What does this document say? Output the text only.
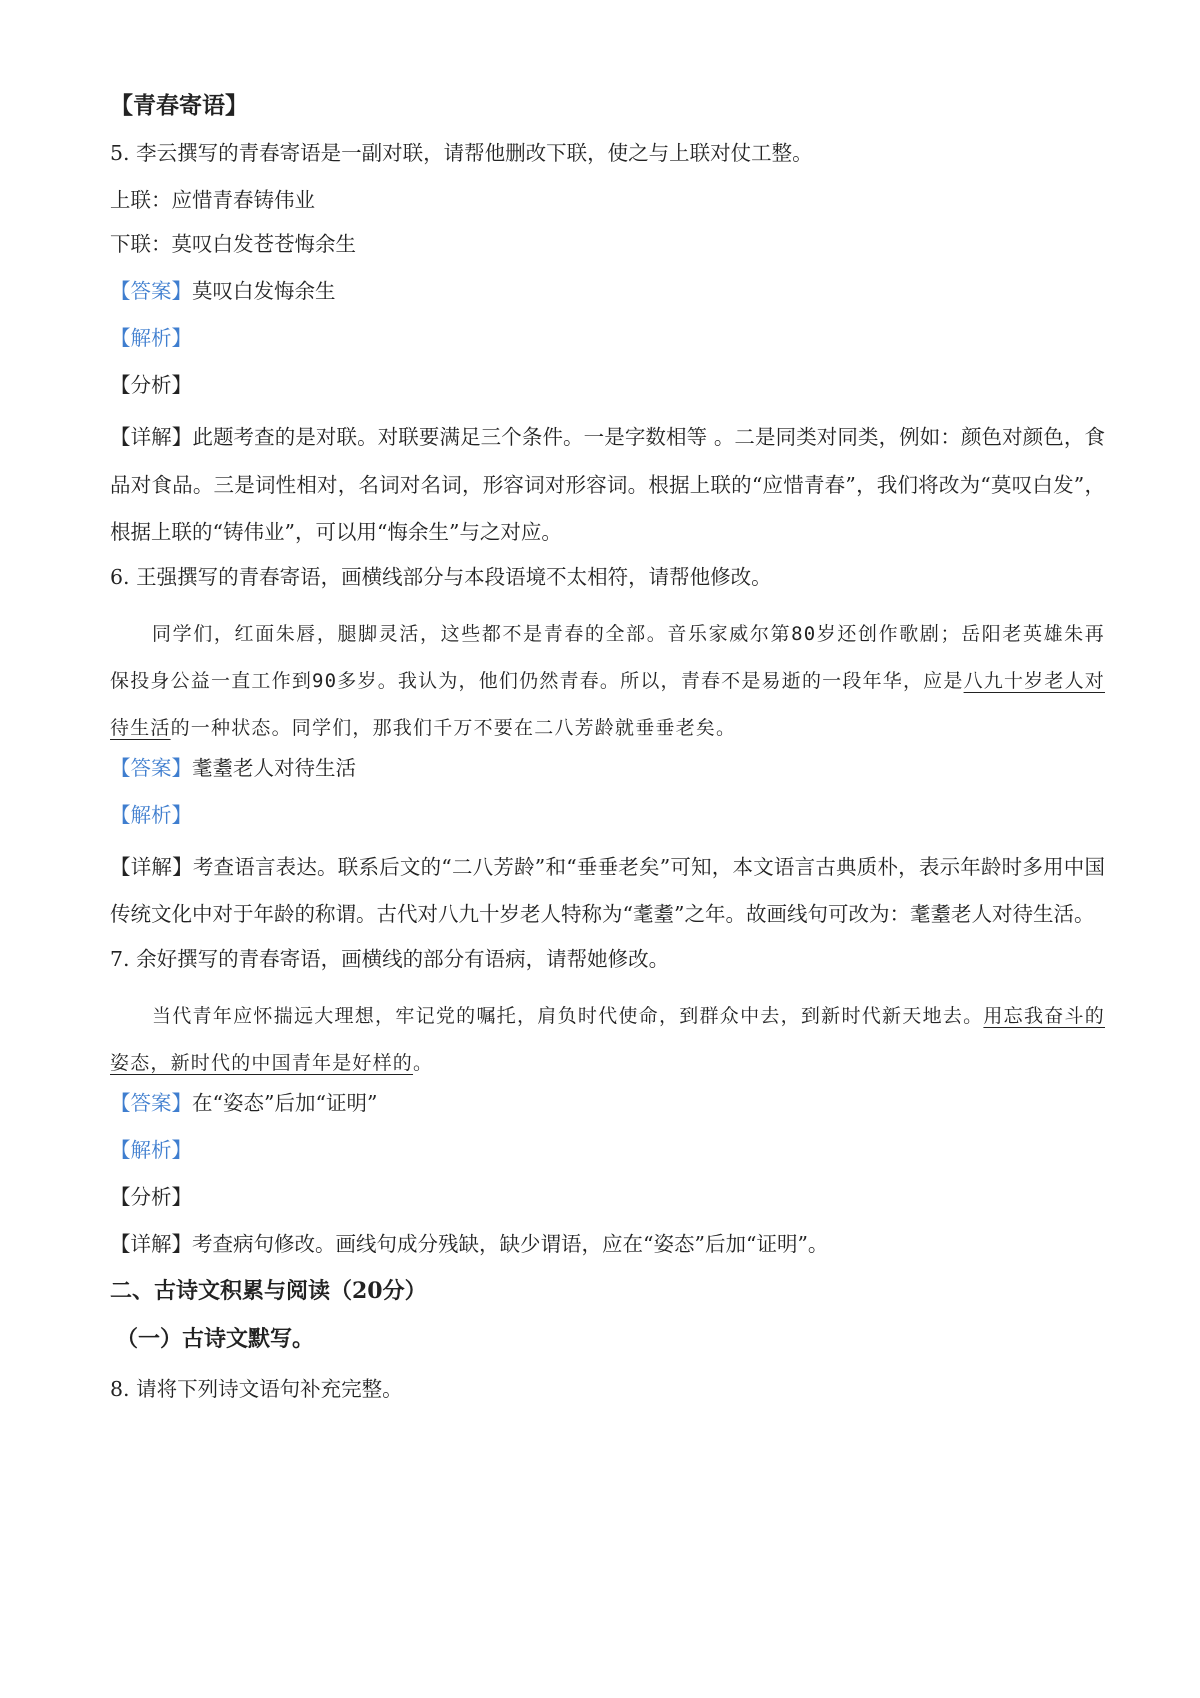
【青春寄语】

5. 李云撰写的青春寄语是一副对联，请帮他删改下联，使之与上联对仗工整。

上联：应惜青春铸伟业

下联：莫叹白发苍苍悔余生

【答案】莫叹白发悔余生

【解析】

【分析】

【详解】此题考查的是对联。对联要满足三个条件。一是字数相等 。二是同类对同类，例如：颜色对颜色，食品对食品。三是词性相对，名词对名词，形容词对形容词。根据上联的“应惜青春”，我们将改为“莫叹白发”，根据上联的“铸伟业”，可以用“悔余生”与之对应。

6. 王强撰写的青春寄语，画横线部分与本段语境不太相符，请帮他修改。

同学们，红面朱唇，腿脚灵活，这些都不是青春的全部。音乐家威尔第80岁还创作歌剧；岳阳老英雄朱再保投身公益一直工作到90多岁。我认为，他们仍然青春。所以，青春不是易逝的一段年华，应是八九十岁老人对待生活的一种状态。同学们，那我们千万不要在二八芳龄就垂垂老矣。

【答案】耄耋老人对待生活

【解析】

【详解】考查语言表达。联系后文的“二八芳龄”和“垂垂老矣”可知，本文语言古典质朴，表示年龄时多用中国传统文化中对于年龄的称谓。古代对八九十岁老人特称为“耄耋”之年。故画线句可改为：耄耋老人对待生活。

7. 余好撰写的青春寄语，画横线的部分有语病，请帮她修改。

当代青年应怀揣远大理想，牢记党的嘱托，肩负时代使命，到群众中去，到新时代新天地去。用忘我奋斗的姿态，新时代的中国青年是好样的。

【答案】在“姿态”后加“证明”

【解析】

【分析】

【详解】考查病句修改。画线句成分残缺，缺少谓语，应在“姿态”后加“证明”。

二、古诗文积累与阅读（20分）

（一）古诗文默写。

8. 请将下列诗文语句补充完整。
